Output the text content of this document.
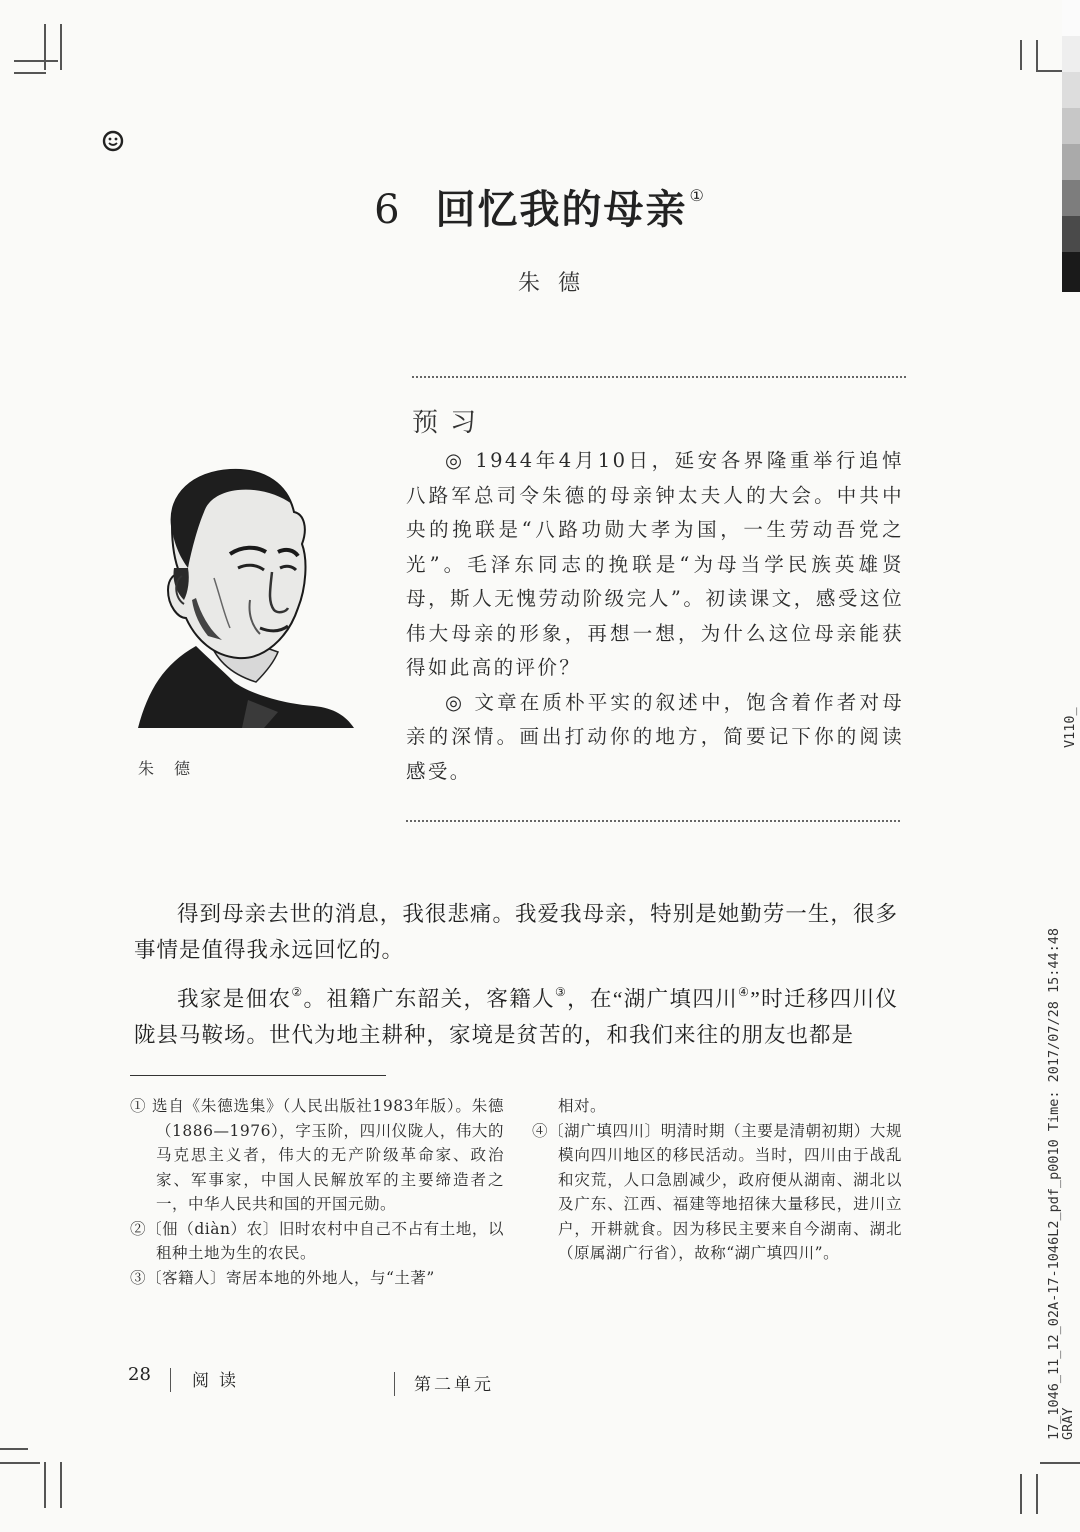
6 回忆我的母亲 ①
朱德
预习

◎ 1944年4月10日，延安各界隆重举行追悼八路军总司令朱德的母亲钟太夫人的大会。中共中央的挽联是“八路功勋大孝为国，一生劳动吾党之光”。毛泽东同志的挽联是“为母当学民族英雄贤母，斯人无愧劳动阶级完人”。初读课文，感受这位伟大母亲的形象，再想一想，为什么这位母亲能获得如此高的评价？

◎ 文章在质朴平实的叙述中，饱含着作者对母亲的深情。画出打动你的地方，简要记下你的阅读感受。

朱德

得到母亲去世的消息，我很悲痛。我爱我母亲，特别是她勤劳一生，很多事情是值得我永远回忆的。

我家是佃农②。祖籍广东韶关，客籍人③，在“湖广填四川④”时迁移四川仪陇县马鞍场。世代为地主耕种，家境是贫苦的，和我们来往的朋友也都是

① 选自《朱德选集》（人民出版社1983年版）。朱德（1886—1976），字玉阶，四川仪陇人，伟大的马克思主义者，伟大的无产阶级革命家、政治家、军事家，中国人民解放军的主要缔造者之一，中华人民共和国的开国元勋。

②〔佃（diàn）农〕旧时农村中自己不占有土地，以租种土地为生的农民。

③〔客籍人〕寄居本地的外地人，与“土著”

相对。

④〔湖广填四川〕明清时期（主要是清朝初期）大规模向四川地区的移民活动。当时，四川由于战乱和灾荒，人口急剧减少，政府便从湖南、湖北以及广东、江西、福建等地招徕大量移民，进川立户，开耕就食。因为移民主要来自今湖南、湖北（原属湖广行省），故称“湖广填四川”。

28 阅读	第二单元
V110_
17_1046_11_12_02A-17-1046L2_pdf_p0010 Time: 2017/07/28 15:44:48
GRAY
